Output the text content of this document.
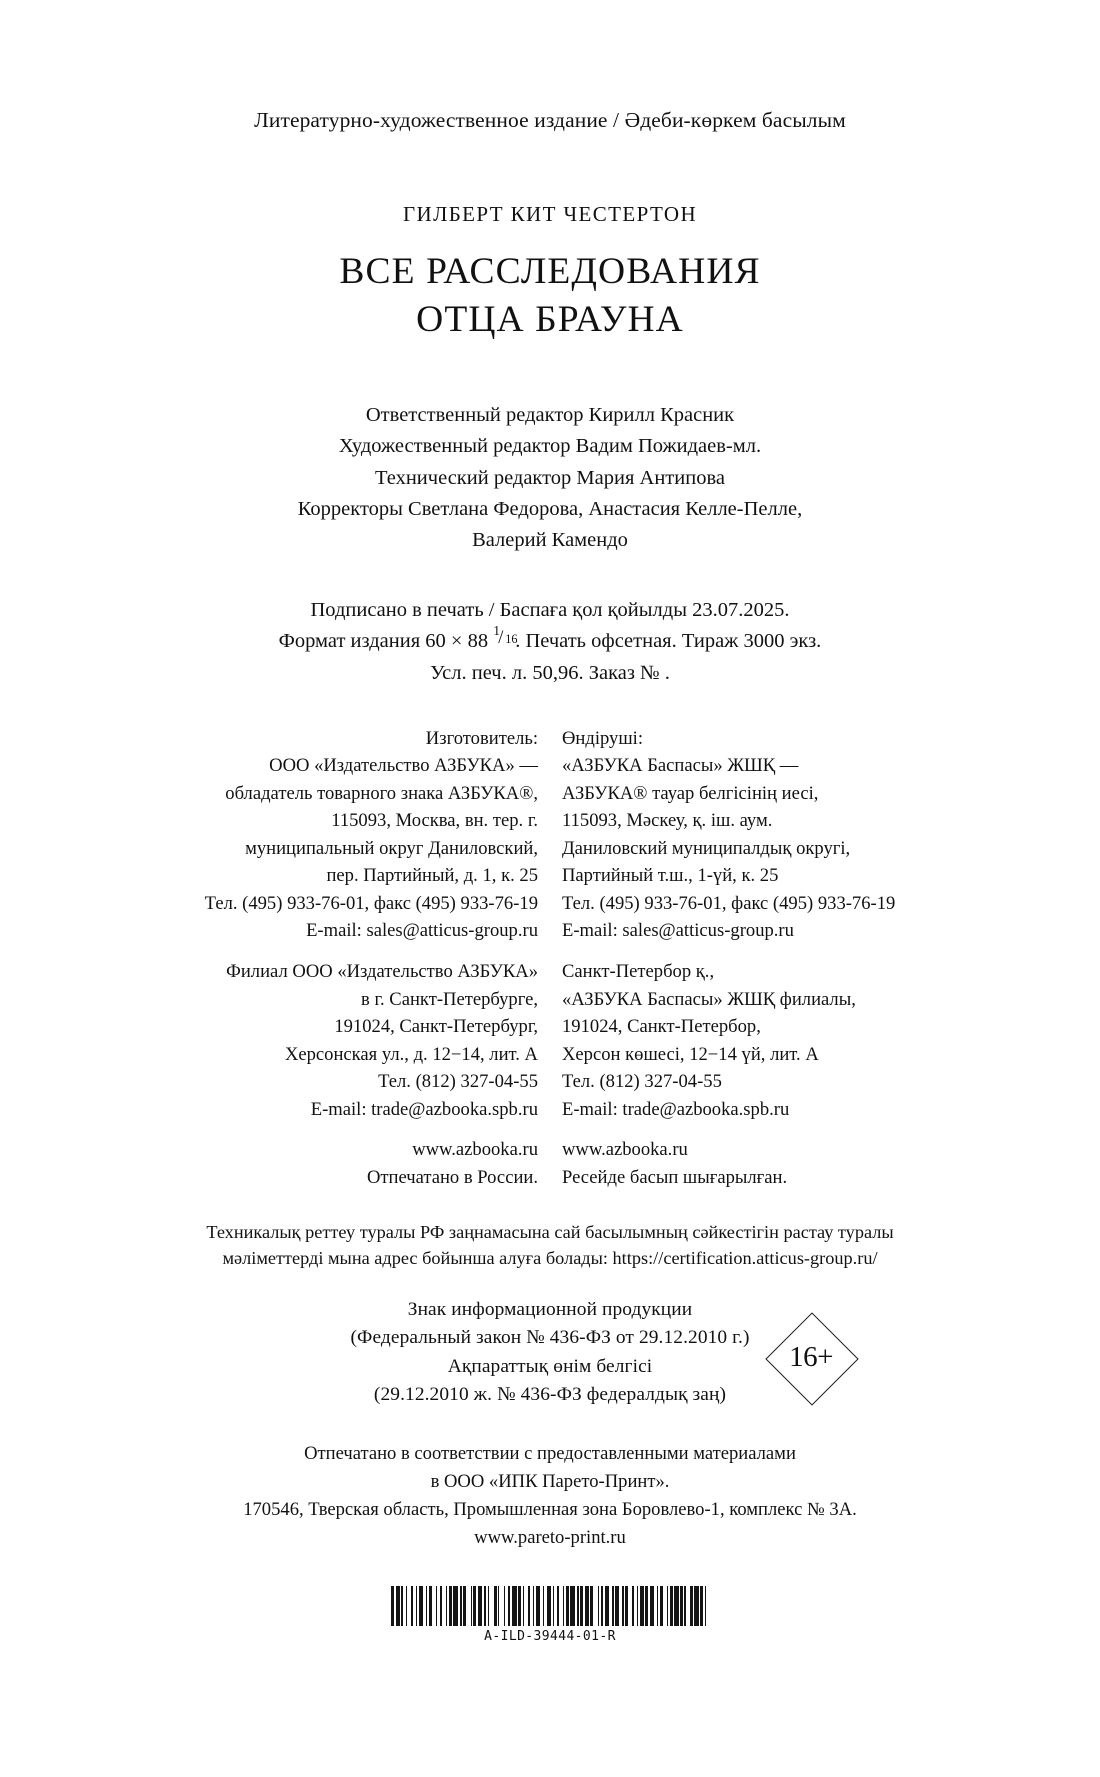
Литературно-художественное издание / Әдеби-көркем басылым
ГИЛБЕРТ КИТ ЧЕСТЕРТОН
ВСЕ РАССЛЕДОВАНИЯ
ОТЦА БРАУНА
Ответственный редактор Кирилл Красник
Художественный редактор Вадим Пожидаев-мл.
Технический редактор Мария Антипова
Корректоры Светлана Федорова, Анастасия Келле-Пелле,
Валерий Камендо
Подписано в печать / Баспаға қол қойылды 23.07.2025.
Формат издания 60 × 88 1
/ 16
. Печать офсетная. Тираж 3000 экз.
Усл. печ. л. 50,96. Заказ № .
Изготовитель:
ООО «Издательство АЗБУКА» —
обладатель товарного знака АЗБУКА®,
115093, Москва, вн. тер. г.
муниципальный округ Даниловский,
пер. Партийный, д. 1, к. 25
Тел. (495) 933-76-01, факс (495) 933-76-19
E-mail: sales@atticus-group.ru
Филиал ООО «Издательство АЗБУКА»
в г. Санкт-Петербурге,
191024, Санкт-Петербург,
Херсонская ул., д. 12−14, лит. А
Тел. (812) 327-04-55
E-mail: trade@azbooka.spb.ru
www.azbooka.ru
Отпечатано в России.
Өндіруші:
«АЗБУКА Баспасы» ЖШҚ —
АЗБУКА® тауар белгісінің иесі,
115093, Мәскеу, қ. іш. аум.
Даниловский муниципалдық округі,
Партийный т.ш., 1-үй, к. 25
Тел. (495) 933-76-01, факс (495) 933-76-19
E-mail: sales@atticus-group.ru
Санкт-Петербор қ.,
«АЗБУКА Баспасы» ЖШҚ филиалы,
191024, Санкт-Петербор,
Херсон көшесі, 12−14 үй, лит. А
Тел. (812) 327-04-55
E-mail: trade@azbooka.spb.ru
www.azbooka.ru
Ресейде басып шығарылған.
Техникалық реттеу туралы РФ заңнамасына сай басылымның сәйкестігін растау туралы
мәліметтерді мына адрес бойынша алуға болады: https://certification.atticus-group.ru/
Знак информационной продукции
(Федеральный закон № 436-ФЗ от 29.12.2010 г.)
Ақпараттық өнім белгісі
(29.12.2010 ж. № 436-ФЗ федералдық заң)
16+
Отпечатано в соответствии с предоставленными материалами
в ООО «ИПК Парето-Принт».
170546, Тверская область, Промышленная зона Боровлево-1, комплекс № 3А.
www.pareto-print.ru
A-ILD-39444-01-R
